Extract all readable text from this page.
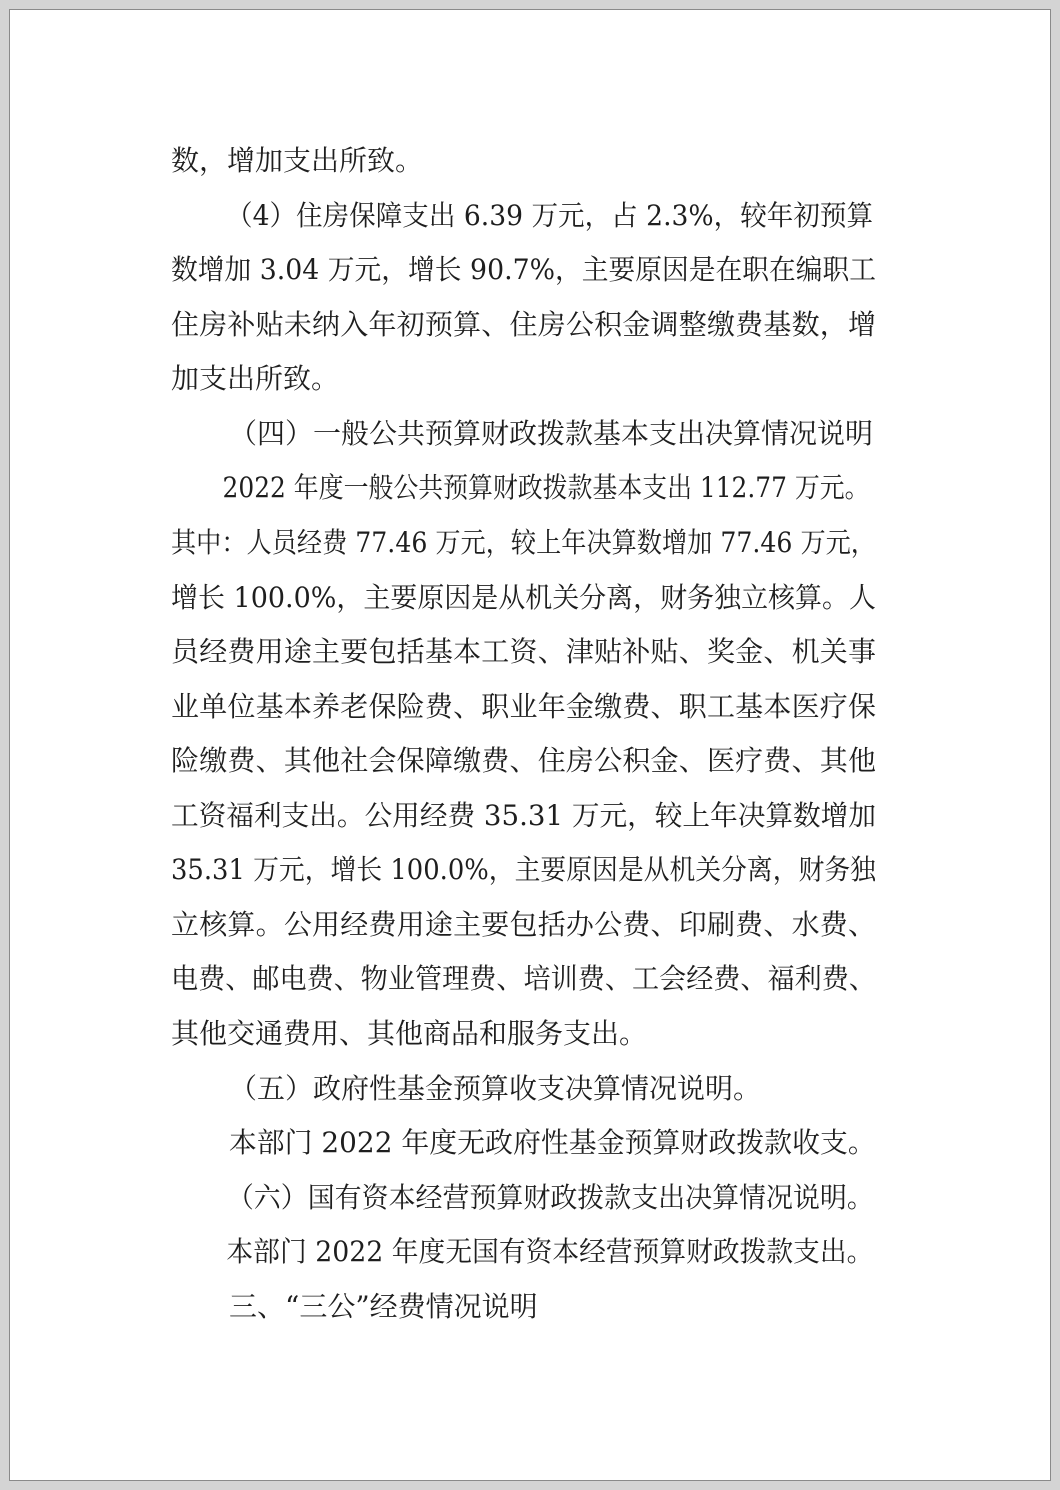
数，增加支出所致。
（4）住房保障支出 6.39 万元，占 2.3%，较年初预算
数增加 3.04 万元，增长 90.7%，主要原因是在职在编职工
住房补贴未纳入年初预算、住房公积金调整缴费基数，增
加支出所致。
（四）一般公共预算财政拨款基本支出决算情况说明
2022 年度一般公共预算财政拨款基本支出 112.77 万元。
其中：人员经费 77.46 万元，较上年决算数增加 77.46 万元，
增长 100.0%，主要原因是从机关分离，财务独立核算。人
员经费用途主要包括基本工资、津贴补贴、奖金、机关事
业单位基本养老保险费、职业年金缴费、职工基本医疗保
险缴费、其他社会保障缴费、住房公积金、医疗费、其他
工资福利支出。公用经费 35.31 万元，较上年决算数增加
35.31 万元，增长 100.0%，主要原因是从机关分离，财务独
立核算。公用经费用途主要包括办公费、印刷费、水费、
电费、邮电费、物业管理费、培训费、工会经费、福利费、
其他交通费用、其他商品和服务支出。
（五）政府性基金预算收支决算情况说明。
本部门 2022 年度无政府性基金预算财政拨款收支。
（六）国有资本经营预算财政拨款支出决算情况说明。
本部门 2022 年度无国有资本经营预算财政拨款支出。
三、“三公”经费情况说明
